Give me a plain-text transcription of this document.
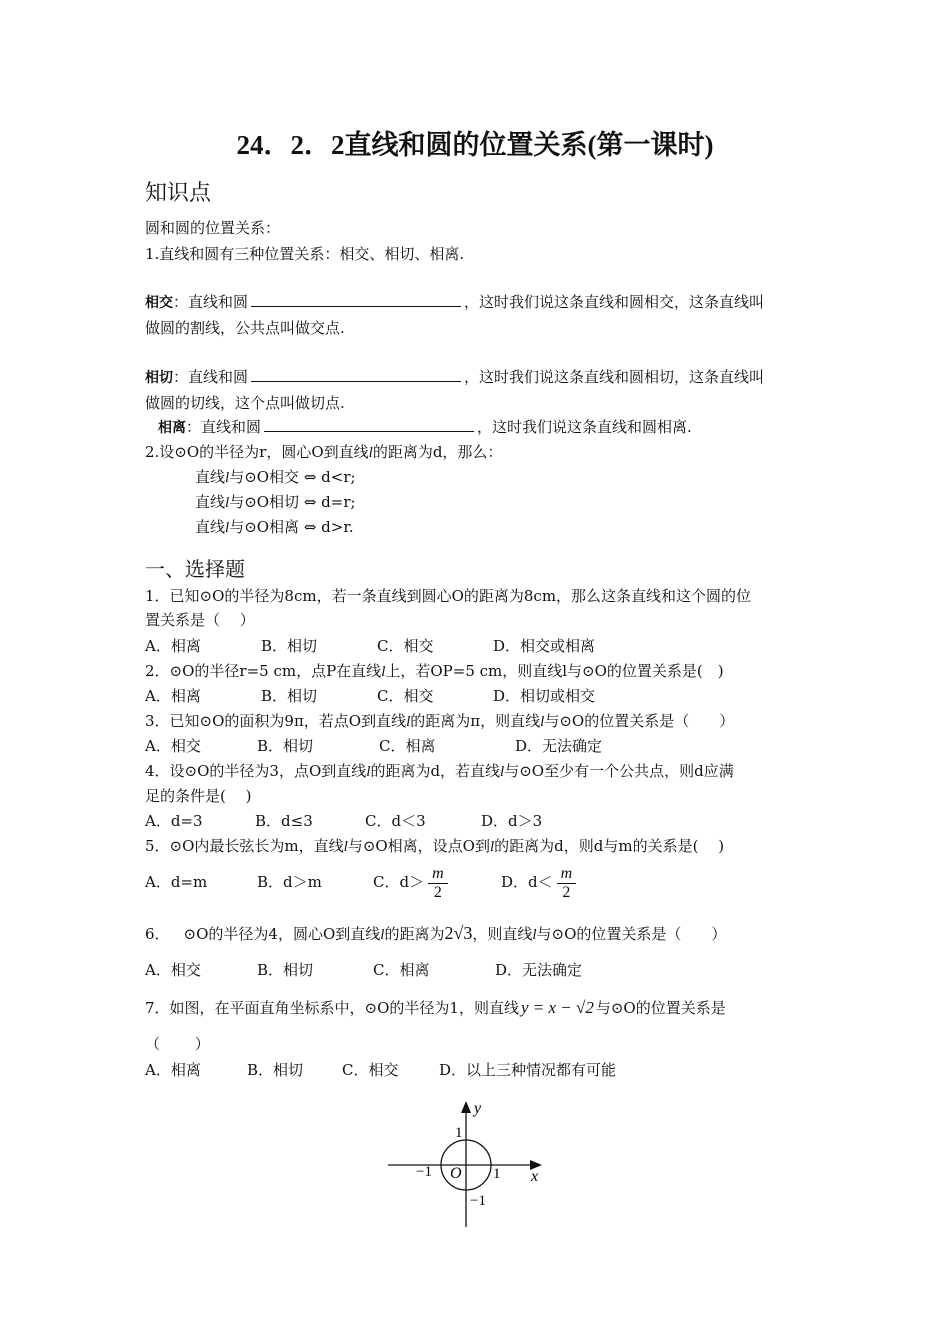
24．2．2直线和圆的位置关系(第一课时)
知识点
圆和圆的位置关系：
1.直线和圆有三种位置关系：相交、相切、相离.
相交：直线和圆	，这时我们说这条直线和圆相交，这条直线叫
做圆的割线，公共点叫做交点.
相切：直线和圆	，这时我们说这条直线和圆相切，这条直线叫
做圆的切线，这个点叫做切点.
相离：直线和圆	，这时我们说这条直线和圆相离.
2.设⊙O的半径为r，圆心O到直线l的距离为d，那么：
直线l与⊙O相交 ⇔ d<r;
直线l与⊙O相切 ⇔ d=r;
直线l与⊙O相离 ⇔ d>r.
一、选择题
1．已知⊙O的半径为8cm，若一条直线到圆心O的距离为8cm，那么这条直线和这个圆的位
置关系是（　 ）
A．相离	B．相切	C．相交	D．相交或相离
2．⊙O的半径r=5 cm，点P在直线l上，若OP=5 cm，则直线l与⊙O的位置关系是(　)
A．相离	B．相切	C．相交	D．相切或相交
3．已知⊙O的面积为9π，若点O到直线l的距离为π，则直线l与⊙O的位置关系是（　　）
A．相交	B．相切	C．相离	D．无法确定
4．设⊙O的半径为3，点O到直线l的距离为d，若直线l与⊙O至少有一个公共点，则d应满
足的条件是(　 )
A．d=3	B．d≤3	C．d＜3	D．d＞3
5．⊙O内最长弦长为m，直线l与⊙O相离，设点O到l的距离为d，则d与m的关系是(　 )
A．d=m	B．d＞m	C．$d> \frac{m}{2}$	D．$d< \frac{m}{2}$
6． ⊙O的半径为4，圆心O到直线l的距离为2√3，则直线l与⊙O的位置关系是（　　）
A．相交	B．相切	C．相离	D．无法确定
7．如图，在平面直角坐标系中，⊙O的半径为1，则直线 y = x − √2 与⊙O的位置关系是
（　　 ）
A．相离	B．相切	C．相交	D．以上三种情况都有可能
y
x
1
−1 O 1
−1
